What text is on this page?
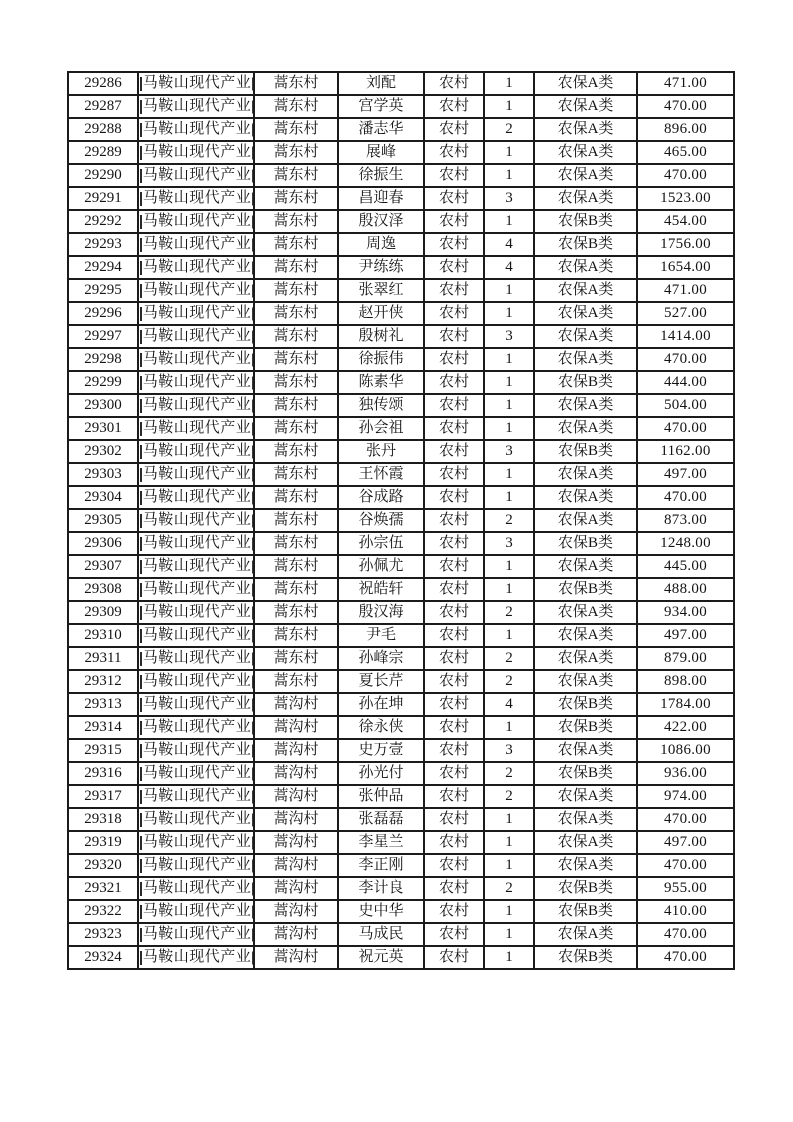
29286	马鞍山现代产业	蒿东村	刘配	农村	1	农保A类	471.00
29287	马鞍山现代产业	蒿东村	宫学英	农村	1	农保A类	470.00
29288	马鞍山现代产业	蒿东村	潘志华	农村	2	农保A类	896.00
29289	马鞍山现代产业	蒿东村	展峰	农村	1	农保A类	465.00
29290	马鞍山现代产业	蒿东村	徐振生	农村	1	农保A类	470.00
29291	马鞍山现代产业	蒿东村	昌迎春	农村	3	农保A类	1523.00
29292	马鞍山现代产业	蒿东村	殷汉泽	农村	1	农保B类	454.00
29293	马鞍山现代产业	蒿东村	周逸	农村	4	农保B类	1756.00
29294	马鞍山现代产业	蒿东村	尹练练	农村	4	农保A类	1654.00
29295	马鞍山现代产业	蒿东村	张翠红	农村	1	农保A类	471.00
29296	马鞍山现代产业	蒿东村	赵开侠	农村	1	农保A类	527.00
29297	马鞍山现代产业	蒿东村	殷树礼	农村	3	农保A类	1414.00
29298	马鞍山现代产业	蒿东村	徐振伟	农村	1	农保A类	470.00
29299	马鞍山现代产业	蒿东村	陈素华	农村	1	农保B类	444.00
29300	马鞍山现代产业	蒿东村	独传颂	农村	1	农保A类	504.00
29301	马鞍山现代产业	蒿东村	孙会祖	农村	1	农保A类	470.00
29302	马鞍山现代产业	蒿东村	张丹	农村	3	农保B类	1162.00
29303	马鞍山现代产业	蒿东村	王怀霞	农村	1	农保A类	497.00
29304	马鞍山现代产业	蒿东村	谷成路	农村	1	农保A类	470.00
29305	马鞍山现代产业	蒿东村	谷焕孺	农村	2	农保A类	873.00
29306	马鞍山现代产业	蒿东村	孙宗伍	农村	3	农保B类	1248.00
29307	马鞍山现代产业	蒿东村	孙佩尤	农村	1	农保A类	445.00
29308	马鞍山现代产业	蒿东村	祝皓轩	农村	1	农保B类	488.00
29309	马鞍山现代产业	蒿东村	殷汉海	农村	2	农保A类	934.00
29310	马鞍山现代产业	蒿东村	尹毛	农村	1	农保A类	497.00
29311	马鞍山现代产业	蒿东村	孙峰宗	农村	2	农保A类	879.00
29312	马鞍山现代产业	蒿东村	夏长芹	农村	2	农保A类	898.00
29313	马鞍山现代产业	蒿沟村	孙在坤	农村	4	农保B类	1784.00
29314	马鞍山现代产业	蒿沟村	徐永侠	农村	1	农保B类	422.00
29315	马鞍山现代产业	蒿沟村	史万壹	农村	3	农保A类	1086.00
29316	马鞍山现代产业	蒿沟村	孙光付	农村	2	农保B类	936.00
29317	马鞍山现代产业	蒿沟村	张仲品	农村	2	农保A类	974.00
29318	马鞍山现代产业	蒿沟村	张磊磊	农村	1	农保A类	470.00
29319	马鞍山现代产业	蒿沟村	李星兰	农村	1	农保A类	497.00
29320	马鞍山现代产业	蒿沟村	李正刚	农村	1	农保A类	470.00
29321	马鞍山现代产业	蒿沟村	李计良	农村	2	农保B类	955.00
29322	马鞍山现代产业	蒿沟村	史中华	农村	1	农保B类	410.00
29323	马鞍山现代产业	蒿沟村	马成民	农村	1	农保A类	470.00
29324	马鞍山现代产业	蒿沟村	祝元英	农村	1	农保B类	470.00
